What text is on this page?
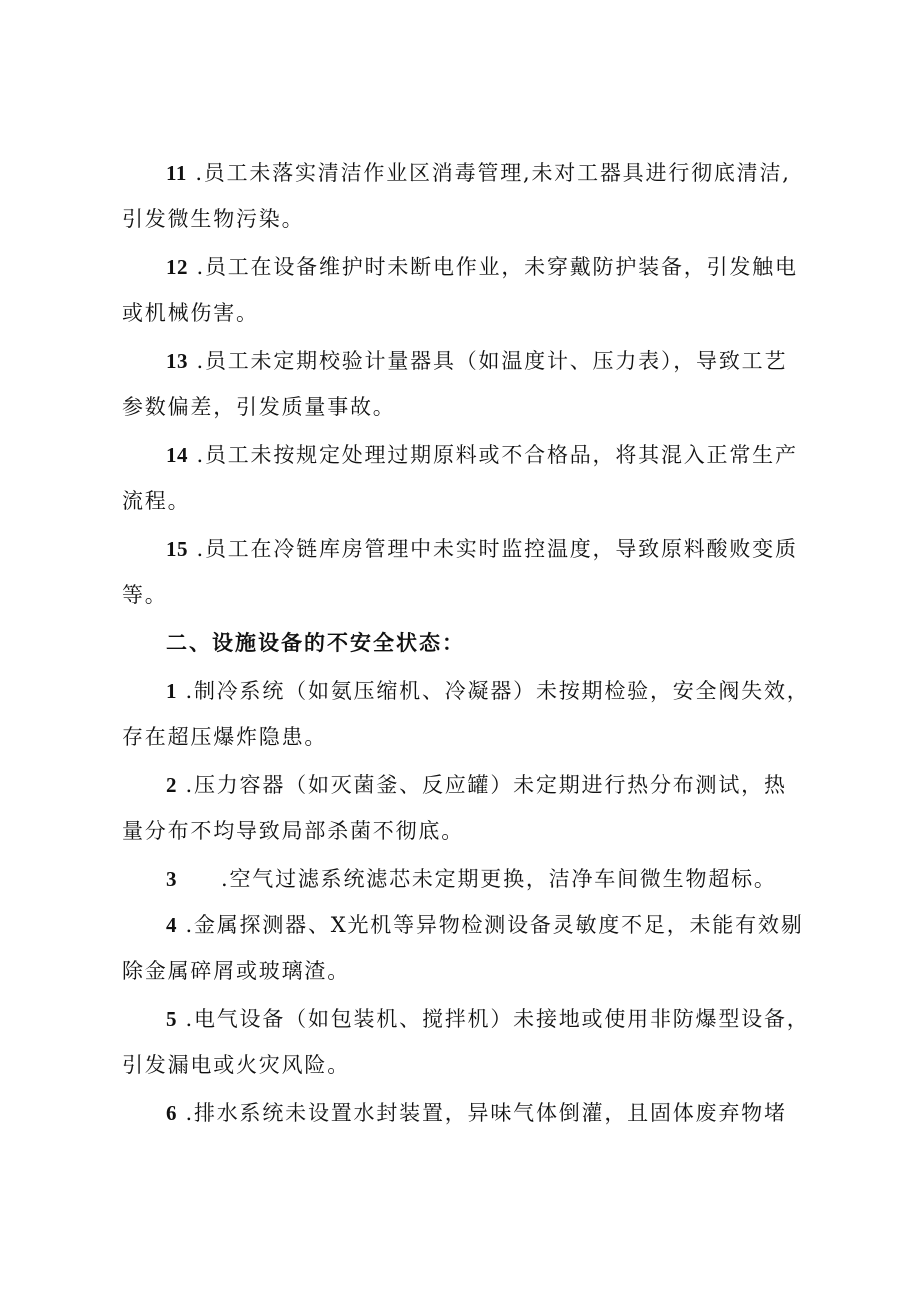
11 .员工未落实清洁作业区消毒管理,未对工器具进行彻底清洁,
引发微生物污染。
12 .员工在设备维护时未断电作业，未穿戴防护装备，引发触电
或机械伤害。
13 .员工未定期校验计量器具（如温度计、压力表），导致工艺
参数偏差，引发质量事故。
14 .员工未按规定处理过期原料或不合格品，将其混入正常生产
流程。
15 .员工在冷链库房管理中未实时监控温度，导致原料酸败变质
等。
二、设施设备的不安全状态：
1 .制冷系统（如氨压缩机、冷凝器）未按期检验，安全阀失效，
存在超压爆炸隐患。
2 .压力容器（如灭菌釜、反应罐）未定期进行热分布测试，热
量分布不均导致局部杀菌不彻底。
3 .空气过滤系统滤芯未定期更换，洁净车间微生物超标。
4 .金属探测器、X光机等异物检测设备灵敏度不足，未能有效剔
除金属碎屑或玻璃渣。
5 .电气设备（如包装机、搅拌机）未接地或使用非防爆型设备，
引发漏电或火灾风险。
6 .排水系统未设置水封装置，异味气体倒灌，且固体废弃物堵
